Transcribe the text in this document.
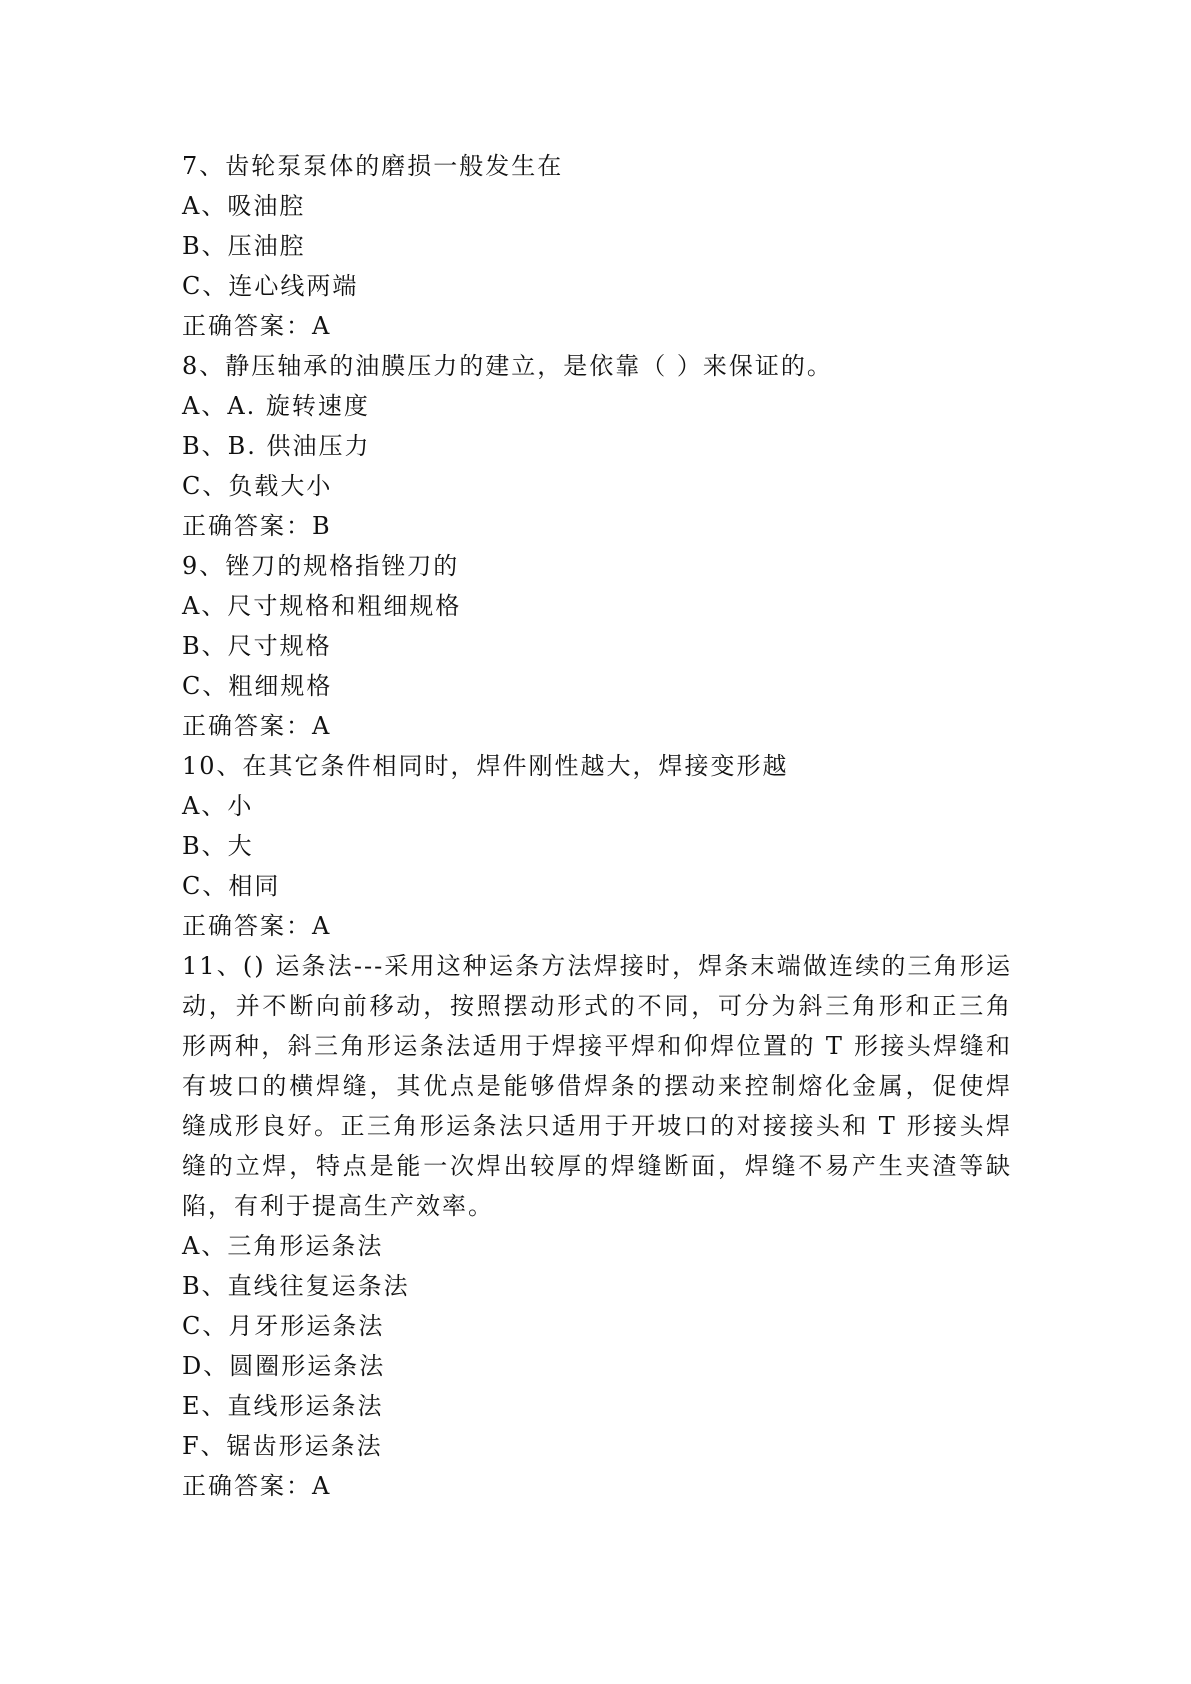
7、齿轮泵泵体的磨损一般发生在
A、吸油腔
B、压油腔
C、连心线两端
正确答案：A
8、静压轴承的油膜压力的建立，是依靠（ ）来保证的。
A、A. 旋转速度
B、B. 供油压力
C、负载大小
正确答案：B
9、锉刀的规格指锉刀的
A、尺寸规格和粗细规格
B、尺寸规格
C、粗细规格
正确答案：A
10、在其它条件相同时，焊件刚性越大，焊接变形越
A、小
B、大
C、相同
正确答案：A
11、() 运条法---采用这种运条方法焊接时，焊条末端做连续的三角形运动，并不断向前移动，按照摆动形式的不同，可分为斜三角形和正三角形两种，斜三角形运条法适用于焊接平焊和仰焊位置的 T 形接头焊缝和有坡口的横焊缝，其优点是能够借焊条的摆动来控制熔化金属，促使焊缝成形良好。正三角形运条法只适用于开坡口的对接接头和 T 形接头焊缝的立焊，特点是能一次焊出较厚的焊缝断面，焊缝不易产生夹渣等缺陷，有利于提高生产效率。
A、三角形运条法
B、直线往复运条法
C、月牙形运条法
D、圆圈形运条法
E、直线形运条法
F、锯齿形运条法
正确答案：A
